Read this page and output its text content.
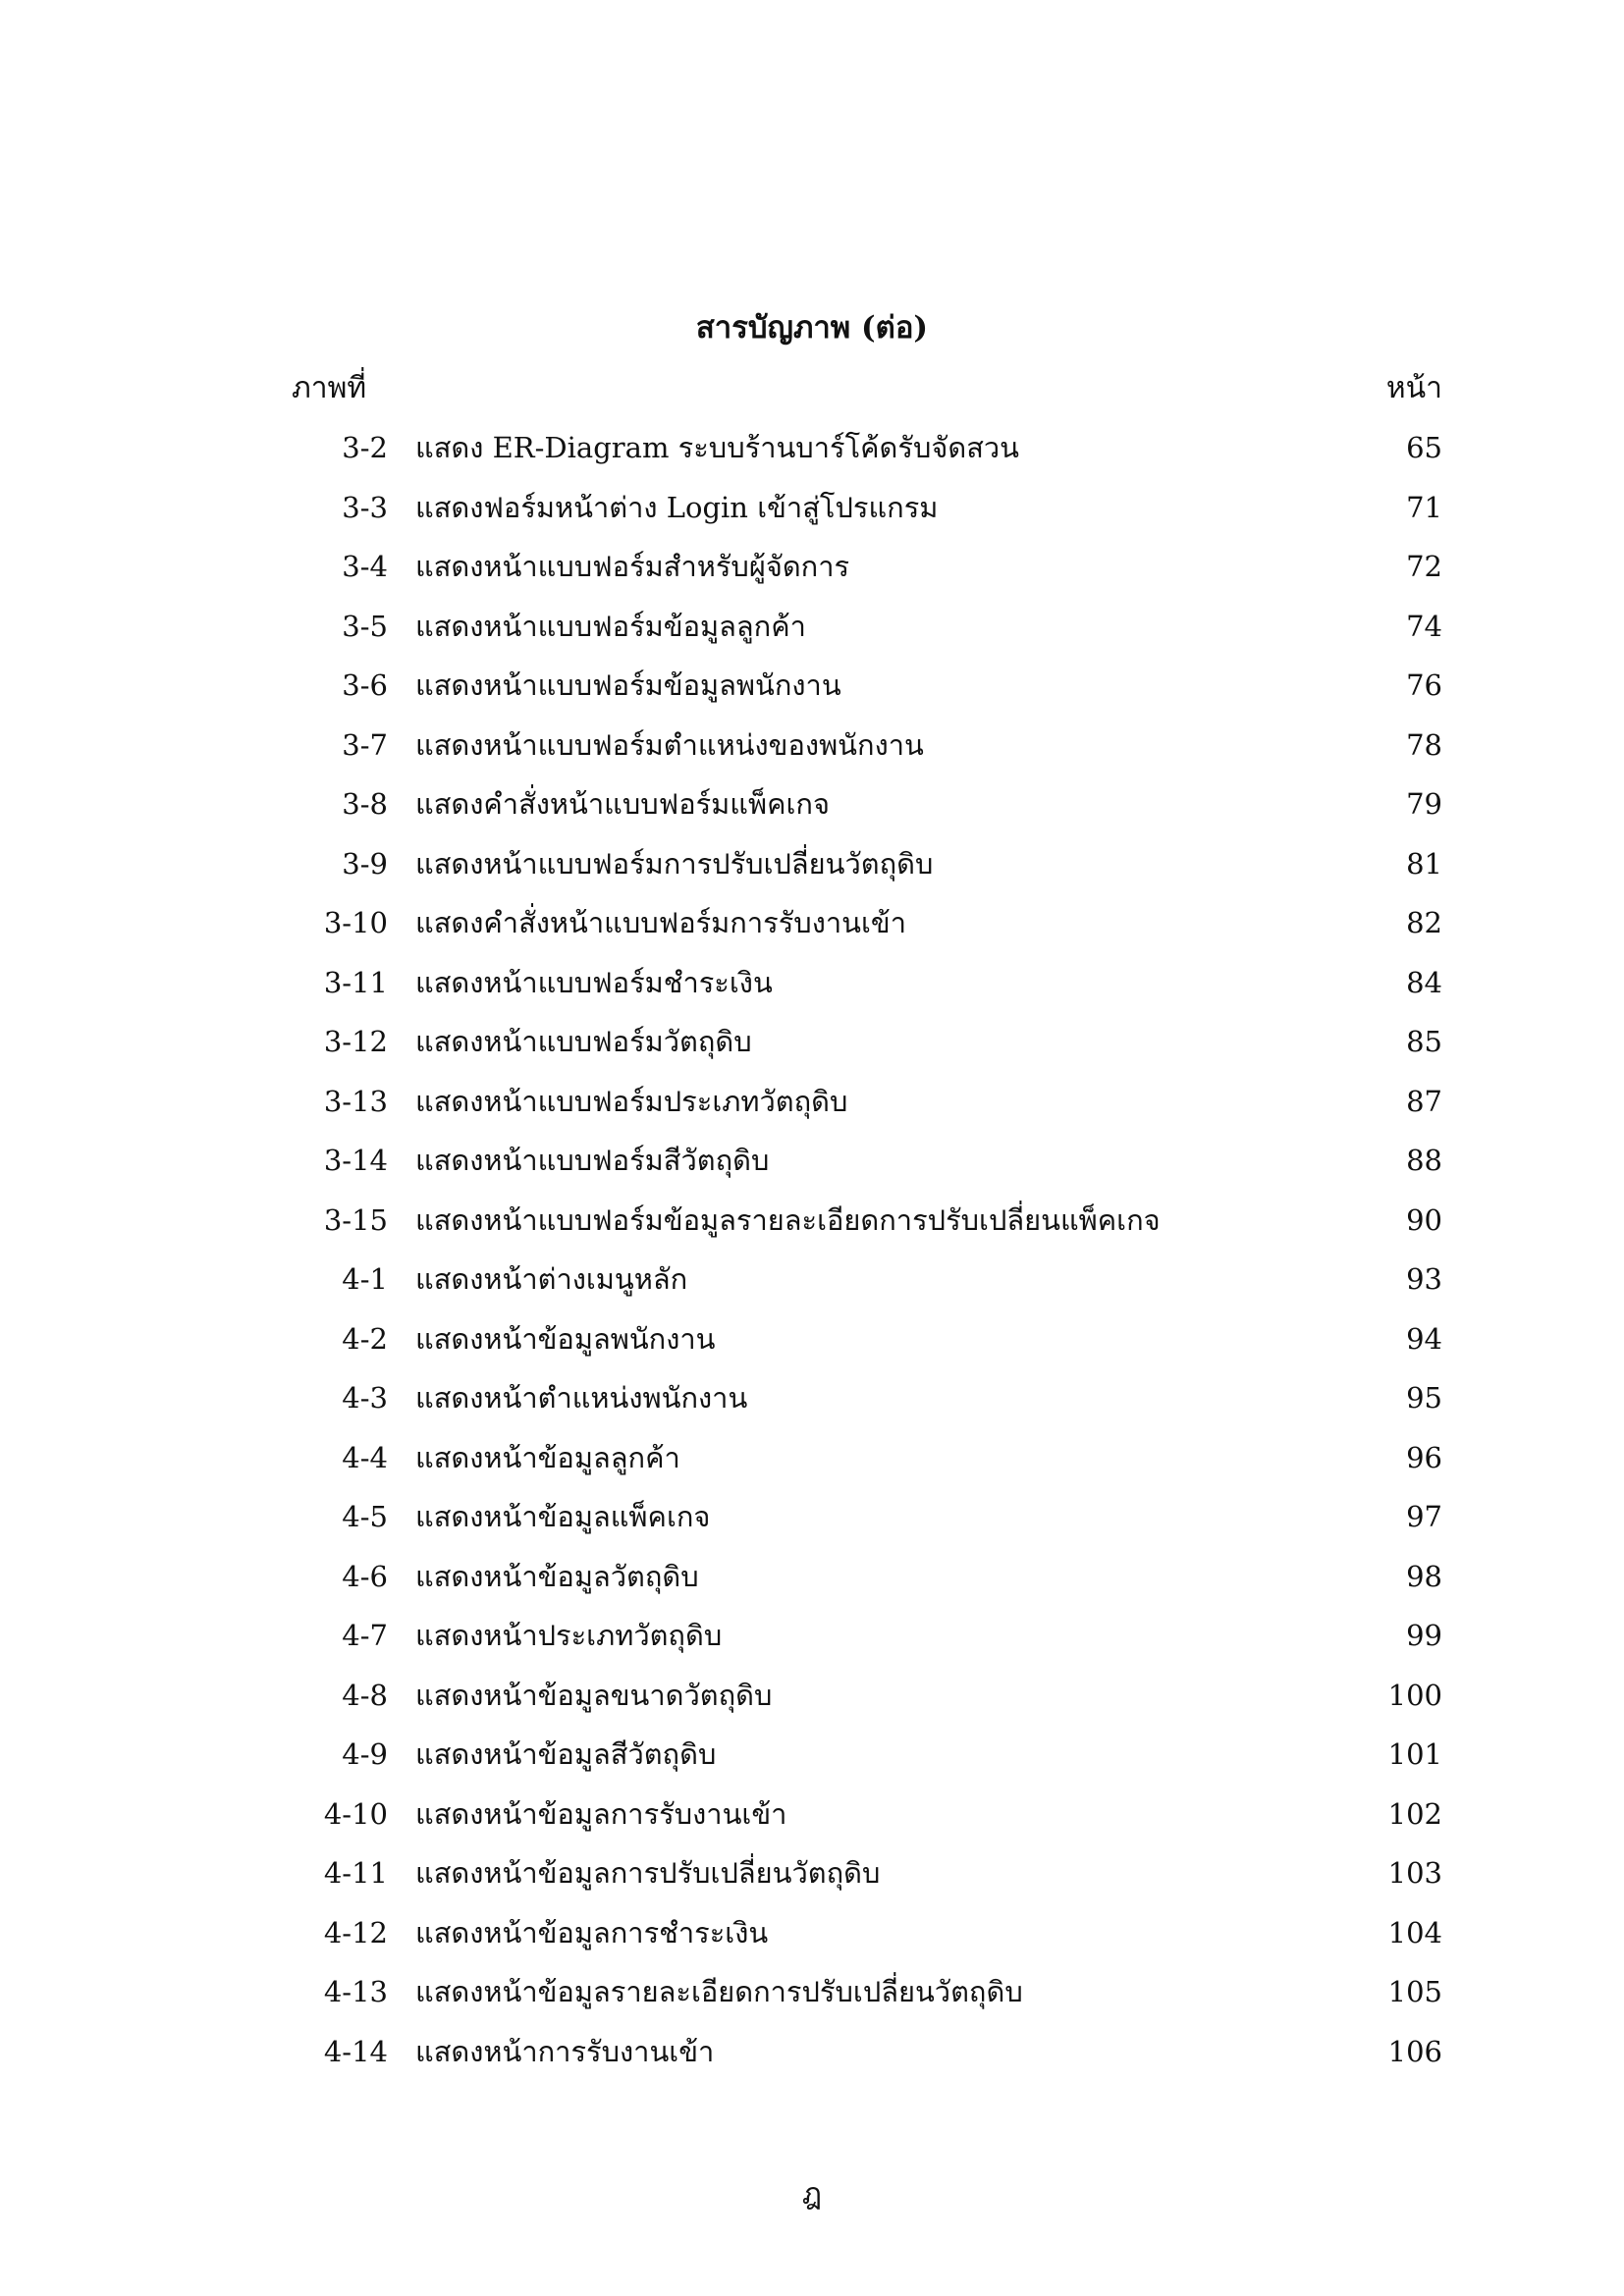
สารบัญภาพ (ต่อ)
ภาพที่	หน้า
3-2 แสดง ER-Diagram ระบบร้านบาร์โค้ดรับจัดสวน	65
3-3 แสดงฟอร์มหน้าต่าง Login เข้าสู่โปรแกรม	71
3-4 แสดงหน้าแบบฟอร์มสำหรับผู้จัดการ	72
3-5 แสดงหน้าแบบฟอร์มข้อมูลลูกค้า	74
3-6 แสดงหน้าแบบฟอร์มข้อมูลพนักงาน	76
3-7 แสดงหน้าแบบฟอร์มตำแหน่งของพนักงาน	78
3-8 แสดงคำสั่งหน้าแบบฟอร์มแพ็คเกจ	79
3-9 แสดงหน้าแบบฟอร์มการปรับเปลี่ยนวัตถุดิบ	81
3-10 แสดงคำสั่งหน้าแบบฟอร์มการรับงานเข้า	82
3-11 แสดงหน้าแบบฟอร์มชำระเงิน	84
3-12 แสดงหน้าแบบฟอร์มวัตถุดิบ	85
3-13 แสดงหน้าแบบฟอร์มประเภทวัตถุดิบ	87
3-14 แสดงหน้าแบบฟอร์มสีวัตถุดิบ	88
3-15 แสดงหน้าแบบฟอร์มข้อมูลรายละเอียดการปรับเปลี่ยนแพ็คเกจ	90
4-1 แสดงหน้าต่างเมนูหลัก	93
4-2 แสดงหน้าข้อมูลพนักงาน	94
4-3 แสดงหน้าตำแหน่งพนักงาน	95
4-4 แสดงหน้าข้อมูลลูกค้า	96
4-5 แสดงหน้าข้อมูลแพ็คเกจ	97
4-6 แสดงหน้าข้อมูลวัตถุดิบ	98
4-7 แสดงหน้าประเภทวัตถุดิบ	99
4-8 แสดงหน้าข้อมูลขนาดวัตถุดิบ	100
4-9 แสดงหน้าข้อมูลสีวัตถุดิบ	101
4-10 แสดงหน้าข้อมูลการรับงานเข้า	102
4-11 แสดงหน้าข้อมูลการปรับเปลี่ยนวัตถุดิบ	103
4-12 แสดงหน้าข้อมูลการชำระเงิน	104
4-13 แสดงหน้าข้อมูลรายละเอียดการปรับเปลี่ยนวัตถุดิบ	105
4-14 แสดงหน้าการรับงานเข้า	106
ฎ
